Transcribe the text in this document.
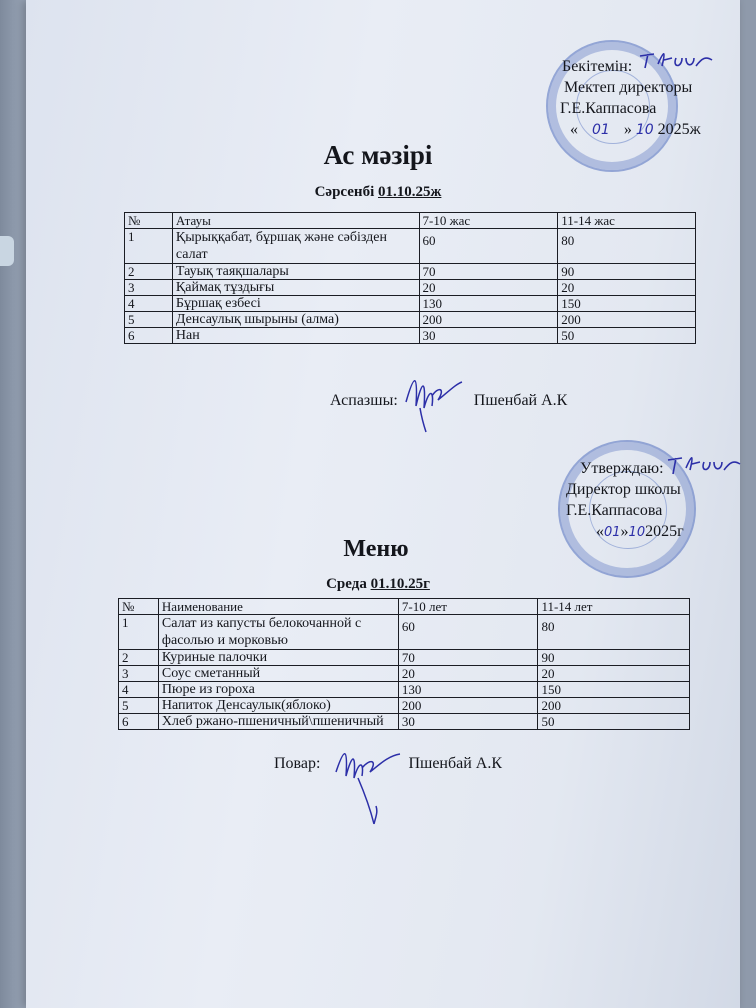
Бекітемін:
Мектеп директоры
Г.Е.Каппасова
« 01 » 10 2025ж
Ас мәзірі
Сәрсенбі 01.10.25ж
№	Атауы	7-10 жас	11-14 жас
1	Қырыққабат, бұршақ және сәбізден салат	60	80
2	Тауық таяқшалары	70	90
3	Қаймақ тұздығы	20	20
4	Бұршақ езбесі	130	150
5	Денсаулық шырыны (алма)	200	200
6	Нан	30	50
Аспазшы:	Пшенбай А.К
Утверждаю:
Директор школы
Г.Е.Каппасова
«01»102025г
Меню
Среда 01.10.25г
№	Наименование	7-10 лет	11-14 лет
1	Салат из капусты белокочанной с фасолью и морковью	60	80
2	Куриные палочки	70	90
3	Соус сметанный	20	20
4	Пюре из гороха	130	150
5	Напиток Денсаулык(яблоко)	200	200
6	Хлеб ржано-пшеничный\пшеничный	30	50
Повар:	Пшенбай А.К
